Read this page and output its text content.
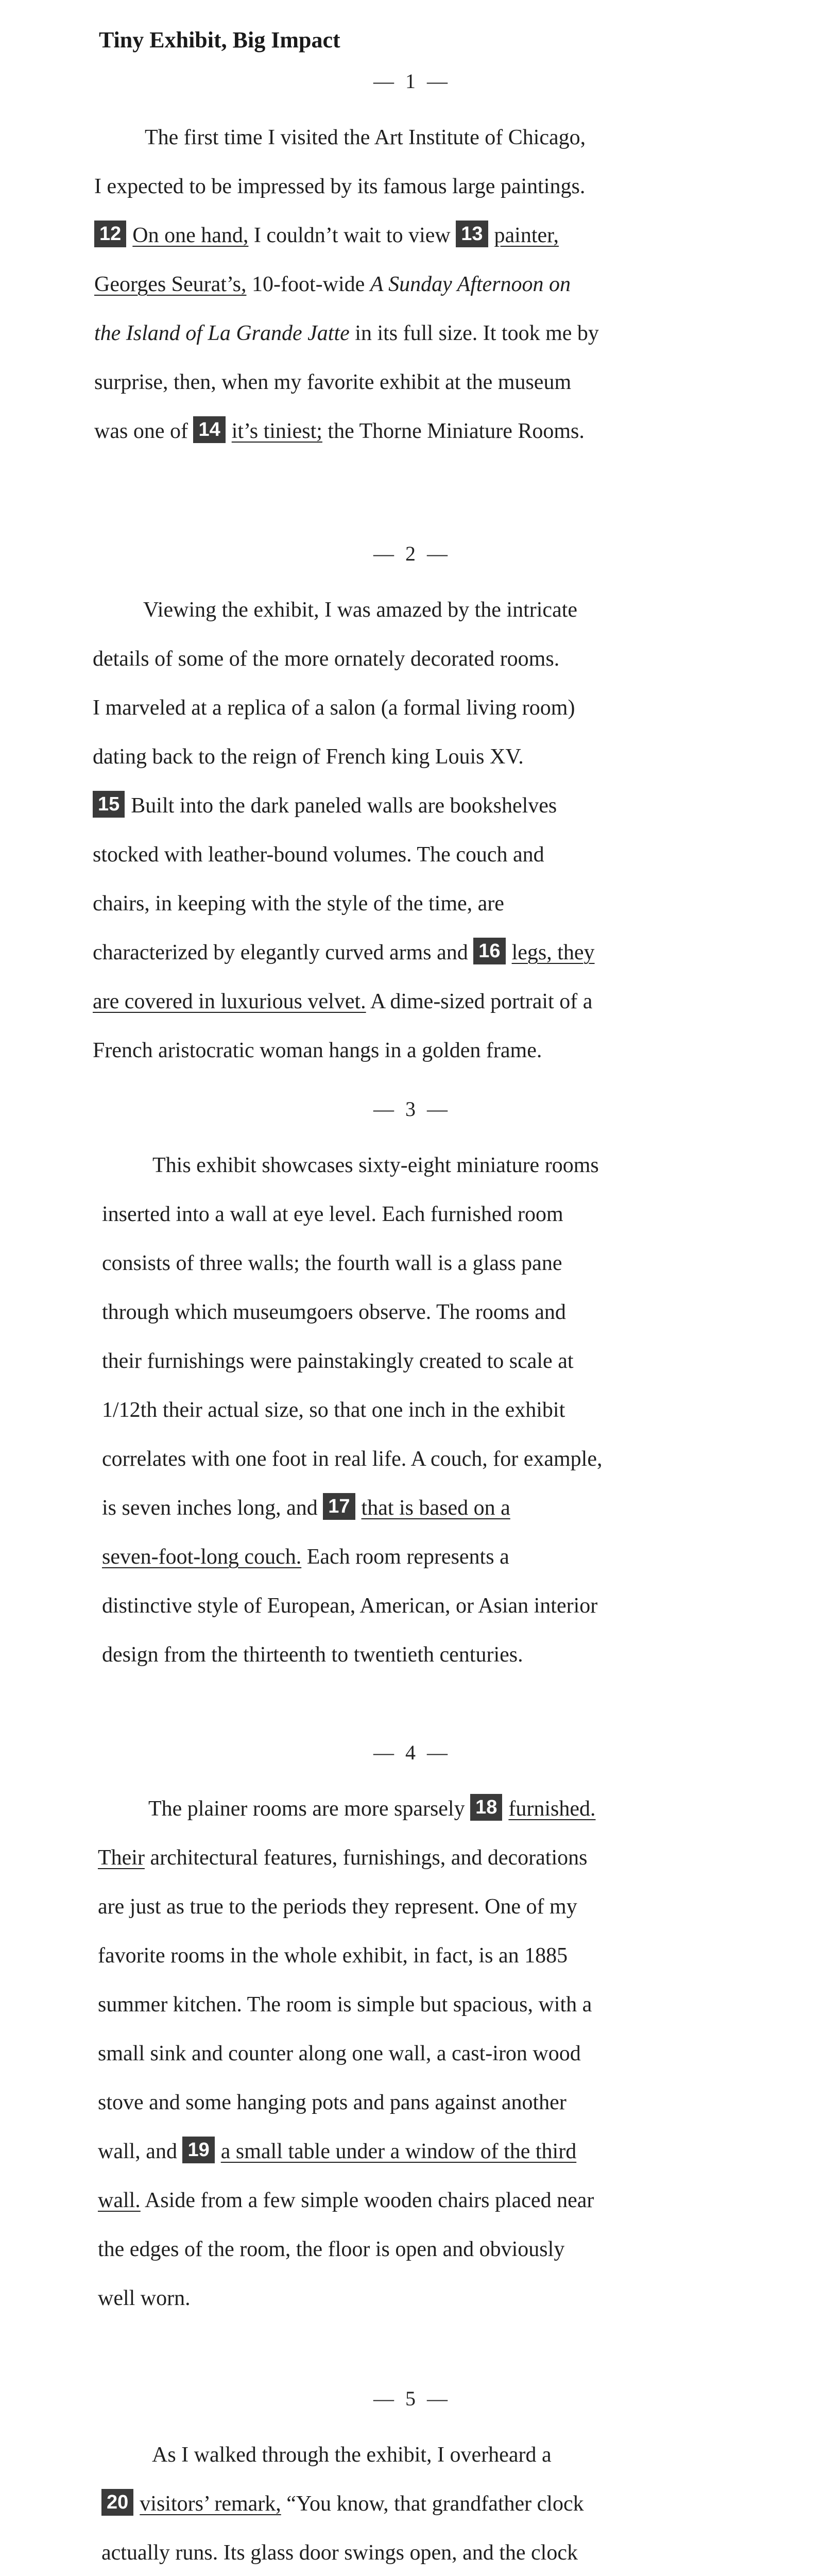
Tiny Exhibit, Big Impact
— 1 —
The first time I visited the Art Institute of Chicago,
I expected to be impressed by its famous large paintings.
12 On one hand, I couldn’t wait to view 13 painter,
Georges Seurat’s, 10-foot-wide A Sunday Afternoon on
the Island of La Grande Jatte in its full size. It took me by
surprise, then, when my favorite exhibit at the museum
was one of 14 it’s tiniest; the Thorne Miniature Rooms.
— 2 —
Viewing the exhibit, I was amazed by the intricate
details of some of the more ornately decorated rooms.
I marveled at a replica of a salon (a formal living room)
dating back to the reign of French king Louis XV.
15 Built into the dark paneled walls are bookshelves
stocked with leather-bound volumes. The couch and
chairs, in keeping with the style of the time, are
characterized by elegantly curved arms and 16 legs, they
are covered in luxurious velvet. A dime-sized portrait of a
French aristocratic woman hangs in a golden frame.
— 3 —
This exhibit showcases sixty-eight miniature rooms
inserted into a wall at eye level. Each furnished room
consists of three walls; the fourth wall is a glass pane
through which museumgoers observe. The rooms and
their furnishings were painstakingly created to scale at
1/12th their actual size, so that one inch in the exhibit
correlates with one foot in real life. A couch, for example,
is seven inches long, and 17 that is based on a
seven-foot-long couch. Each room represents a
distinctive style of European, American, or Asian interior
design from the thirteenth to twentieth centuries.
— 4 —
The plainer rooms are more sparsely 18 furnished.
Their architectural features, furnishings, and decorations
are just as true to the periods they represent. One of my
favorite rooms in the whole exhibit, in fact, is an 1885
summer kitchen. The room is simple but spacious, with a
small sink and counter along one wall, a cast-iron wood
stove and some hanging pots and pans against another
wall, and 19 a small table under a window of the third
wall. Aside from a few simple wooden chairs placed near
the edges of the room, the floor is open and obviously
well worn.
— 5 —
As I walked through the exhibit, I overheard a
20 visitors’ remark, “You know, that grandfather clock
actually runs. Its glass door swings open, and the clock
